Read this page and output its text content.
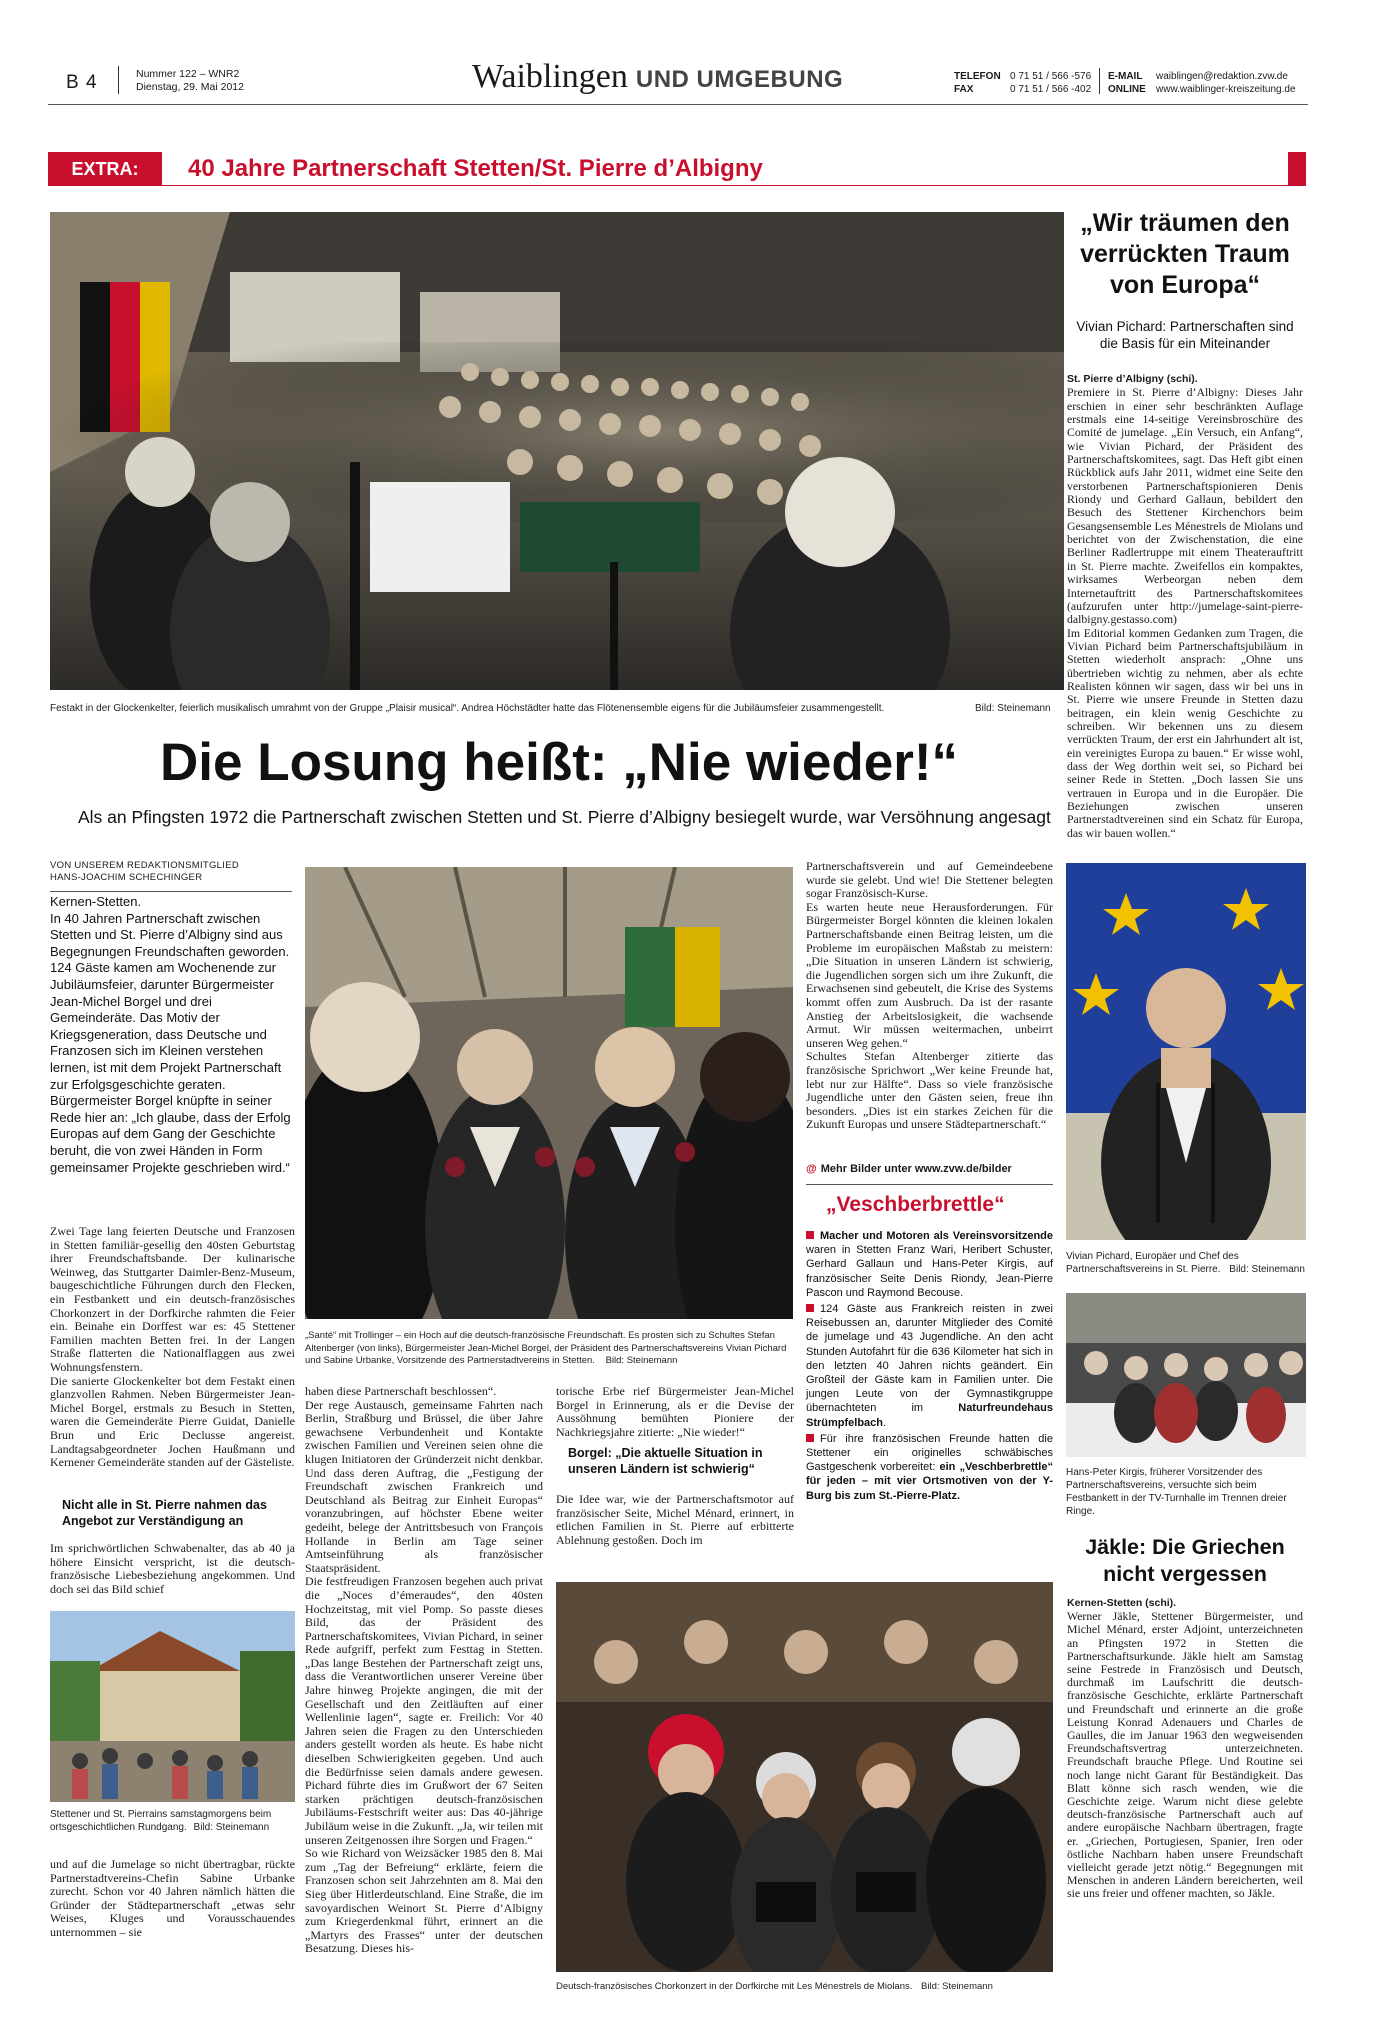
B 4	Nummer 122 – WNR2
Dienstag, 29. Mai 2012	Waiblingen UND UMGEBUNG	TELEFON 0 71 51 / 566 -576
FAX	0 71 51 / 566 -402
E-MAIL	waiblingen@redaktion.zvw.de
ONLINE	www.waiblinger-kreiszeitung.de
EXTRA:	40 Jahre Partnerschaft Stetten/St. Pierre d’Albigny
Festakt in der Glockenkelter, feierlich musikalisch umrahmt von der Gruppe „Plaisir musical“. Andrea Höchstädter hatte das Flötenensemble eigens für die Jubiläumsfeier zusammengestellt.	Bild: Steinemann
Die Losung heißt: „Nie wieder!“
Als an Pfingsten 1972 die Partnerschaft zwischen Stetten und St. Pierre d’Albigny besiegelt wurde, war Versöhnung angesagt
VON UNSEREM REDAKTIONSMITGLIED
HANS-JOACHIM SCHECHINGER
Kernen-Stetten.
In 40 Jahren Partnerschaft zwischen Stetten und St. Pierre d’Albigny sind aus Begegnungen Freundschaften geworden. 124 Gäste kamen am Wochenende zur Jubiläumsfeier, darunter Bürgermeister Jean-Michel Borgel und drei Gemeinderäte. Das Motiv der Kriegsgeneration, dass Deutsche und Franzosen sich im Kleinen verstehen lernen, ist mit dem Projekt Partnerschaft zur Erfolgsgeschichte geraten. Bürgermeister Borgel knüpfte in seiner Rede hier an: „Ich glaube, dass der Erfolg Europas auf dem Gang der Geschichte beruht, die von zwei Händen in Form gemeinsamer Projekte geschrieben wird.“
Zwei Tage lang feierten Deutsche und Franzosen in Stetten familiär-gesellig den 40sten Geburtstag ihrer Freundschaftsbande. Der kulinarische Weinweg, das Stuttgarter Daimler-Benz-Museum, baugeschichtliche Führungen durch den Flecken, ein Festbankett und ein deutsch-französisches Chorkonzert in der Dorfkirche rahmten die Feier ein. Beinahe ein Dorffest war es: 45 Stettener Familien machten Betten frei. In der Langen Straße flatterten die Nationalflaggen aus zwei Wohnungsfenstern.
Die sanierte Glockenkelter bot dem Festakt einen glanzvollen Rahmen. Neben Bürgermeister Jean-Michel Borgel, erstmals zu Besuch in Stetten, waren die Gemeinderäte Pierre Guidat, Danielle Brun und Eric Declusse angereist. Landtagsabgeordneter Jochen Haußmann und Kernener Gemeinderäte standen auf der Gästeliste.
Nicht alle in St. Pierre nahmen das Angebot zur Verständigung an
Im sprichwörtlichen Schwabenalter, das ab 40 ja höhere Einsicht verspricht, ist die deutsch-französische Liebesbeziehung angekommen. Und doch sei das Bild schief
Stettener und St. Pierrains samstagmorgens beim ortsgeschichtlichen Rundgang. Bild: Steinemann
und auf die Jumelage so nicht übertragbar, rückte Partnerstadtvereins-Chefin Sabine Urbanke zurecht. Schon vor 40 Jahren nämlich hätten die Gründer der Städtepartnerschaft „etwas sehr Weises, Kluges und Vorausschauendes unternommen – sie
„Santé“ mit Trollinger – ein Hoch auf die deutsch-französische Freundschaft. Es prosten sich zu Schultes Stefan Altenberger (von links), Bürgermeister Jean-Michel Borgel, der Präsident des Partnerschaftsvereins Vivian Pichard und Sabine Urbanke, Vorsitzende des Partnerstadtvereins in Stetten. Bild: Steinemann
haben diese Partnerschaft beschlossen“.
Der rege Austausch, gemeinsame Fahrten nach Berlin, Straßburg und Brüssel, die über Jahre gewachsene Verbundenheit und Kontakte zwischen Familien und Vereinen seien ohne die klugen Initiatoren der Gründerzeit nicht denkbar. Und dass deren Auftrag, die „Festigung der Freundschaft zwischen Frankreich und Deutschland als Beitrag zur Einheit Europas“ voranzubringen, auf höchster Ebene weiter gedeiht, belege der Antrittsbesuch von François Hollande in Berlin am Tage seiner Amtseinführung als französischer Staatspräsident.
Die festfreudigen Franzosen begehen auch privat die „Noces d’émeraudes“, den 40sten Hochzeitstag, mit viel Pomp. So passte dieses Bild, das der Präsident des Partnerschaftskomitees, Vivian Pichard, in seiner Rede aufgriff, perfekt zum Festtag in Stetten. „Das lange Bestehen der Partnerschaft zeigt uns, dass die Verantwortlichen unserer Vereine über Jahre hinweg Projekte angingen, die mit der Gesellschaft und den Zeitläuften auf einer Wellenlinie lagen“, sagte er. Freilich: Vor 40 Jahren seien die Fragen zu den Unterschieden anders gestellt worden als heute. Es habe nicht dieselben Schwierigkeiten gegeben. Und auch die Bedürfnisse seien damals andere gewesen. Pichard führte dies im Grußwort der 67 Seiten starken prächtigen deutsch-französischen Jubiläums-Festschrift weiter aus: Das 40-jährige Jubiläum weise in die Zukunft. „Ja, wir teilen mit unseren Zeitgenossen ihre Sorgen und Fragen.“
So wie Richard von Weizsäcker 1985 den 8. Mai zum „Tag der Befreiung“ erklärte, feiern die Franzosen schon seit Jahrzehnten am 8. Mai den Sieg über Hitlerdeutschland. Eine Straße, die im savoyardischen Weinort St. Pierre d’Albigny zum Kriegerdenkmal führt, erinnert an die „Martyrs des Frasses“ unter der deutschen Besatzung. Dieses his-
torische Erbe rief Bürgermeister Jean-Michel Borgel in Erinnerung, als er die Devise der Aussöhnung bemühten Pioniere der Nachkriegsjahre zitierte: „Nie wieder!“
Borgel: „Die aktuelle Situation in unseren Ländern ist schwierig“
Die Idee war, wie der Partnerschaftsmotor auf französischer Seite, Michel Ménard, erinnert, in etlichen Familien in St. Pierre auf erbitterte Ablehnung gestoßen. Doch im
Deutsch-französisches Chorkonzert in der Dorfkirche mit Les Ménestrels de Miolans. Bild: Steinemann
Partnerschaftsverein und auf Gemeindeebene wurde sie gelebt. Und wie! Die Stettener belegten sogar Französisch-Kurse.
Es warten heute neue Herausforderungen. Für Bürgermeister Borgel könnten die kleinen lokalen Partnerschaftsbande einen Beitrag leisten, um die Probleme im europäischen Maßstab zu meistern: „Die Situation in unseren Ländern ist schwierig, die Jugendlichen sorgen sich um ihre Zukunft, die Erwachsenen sind gebeutelt, die Krise des Systems kommt offen zum Ausbruch. Da ist der rasante Anstieg der Arbeitslosigkeit, die wachsende Armut. Wir müssen weitermachen, unbeirrt unseren Weg gehen.“
Schultes Stefan Altenberger zitierte das französische Sprichwort „Wer keine Freunde hat, lebt nur zur Hälfte“. Dass so viele französische Jugendliche unter den Gästen seien, freue ihn besonders. „Dies ist ein starkes Zeichen für die Zukunft Europas und unsere Städtepartnerschaft.“
@ Mehr Bilder unter www.zvw.de/bilder
„Veschberbrettle“
Macher und Motoren als Vereinsvorsitzende waren in Stetten Franz Wari, Heribert Schuster, Gerhard Gallaun und Hans-Peter Kirgis, auf französischer Seite Denis Riondy, Jean-Pierre Pascon und Raymond Becouse.
124 Gäste aus Frankreich reisten in zwei Reisebussen an, darunter Mitglieder des Comité de jumelage und 43 Jugendliche. An den acht Stunden Autofahrt für die 636 Kilometer hat sich in den letzten 40 Jahren nichts geändert. Ein Großteil der Gäste kam in Familien unter. Die jungen Leute von der Gymnastikgruppe übernachteten im Naturfreundehaus Strümpfelbach.
Für ihre französischen Freunde hatten die Stettener ein originelles schwäbisches Gastgeschenk vorbereitet: ein „Veschberbrettle“ für jeden – mit vier Ortsmotiven von der Y-Burg bis zum St.-Pierre-Platz.
„Wir träumen den verrückten Traum von Europa“
Vivian Pichard: Partnerschaften sind die Basis für ein Miteinander
St. Pierre d’Albigny (schi).
Premiere in St. Pierre d’Albigny: Dieses Jahr erschien in einer sehr beschränkten Auflage erstmals eine 14-seitige Vereinsbroschüre des Comité de jumelage. „Ein Versuch, ein Anfang“, wie Vivian Pichard, der Präsident des Partnerschaftskomitees, sagt. Das Heft gibt einen Rückblick aufs Jahr 2011, widmet eine Seite den verstorbenen Partnerschaftspionieren Denis Riondy und Gerhard Gallaun, bebildert den Besuch des Stettener Kirchenchors beim Gesangsensemble Les Ménestrels de Miolans und berichtet von der Zwischenstation, die eine Berliner Radlertruppe mit einem Theaterauftritt in St. Pierre machte. Zweifellos ein kompaktes, wirksames Werbeorgan neben dem Internetauftritt des Partnerschaftskomitees (aufzurufen unter http://jumelage-saint-pierre-dalbigny.gestasso.com)
Im Editorial kommen Gedanken zum Tragen, die Vivian Pichard beim Partnerschaftsjubiläum in Stetten wiederholt ansprach: „Ohne uns übertrieben wichtig zu nehmen, aber als echte Realisten können wir sagen, dass wir bei uns in St. Pierre wie unsere Freunde in Stetten dazu beitragen, ein klein wenig Geschichte zu schreiben. Wir bekennen uns zu diesem verrückten Traum, der erst ein Jahrhundert alt ist, ein vereinigtes Europa zu bauen.“ Er wisse wohl, dass der Weg dorthin weit sei, so Pichard bei seiner Rede in Stetten. „Doch lassen Sie uns vertrauen in Europa und in die Europäer. Die Beziehungen zwischen unseren Partnerstadtvereinen sind ein Schatz für Europa, das wir bauen wollen.“
Vivian Pichard, Europäer und Chef des Partnerschaftsvereins in St. Pierre. Bild: Steinemann
Hans-Peter Kirgis, früherer Vorsitzender des Partnerschaftsvereins, versuchte sich beim Festbankett in der TV-Turnhalle im Trennen dreier Ringe.
Jäkle: Die Griechen nicht vergessen
Kernen-Stetten (schi).
Werner Jäkle, Stettener Bürgermeister, und Michel Ménard, erster Adjoint, unterzeichneten an Pfingsten 1972 in Stetten die Partnerschaftsurkunde. Jäkle hielt am Samstag seine Festrede in Französisch und Deutsch, durchmaß im Laufschritt die deutsch-französische Geschichte, erklärte Partnerschaft und Freundschaft und erinnerte an die große Leistung Konrad Adenauers und Charles de Gaulles, die im Januar 1963 den wegweisenden Freundschaftsvertrag unterzeichneten. Freundschaft brauche Pflege. Und Routine sei noch lange nicht Garant für Beständigkeit. Das Blatt könne sich rasch wenden, wie die Geschichte zeige. Warum nicht diese gelebte deutsch-französische Partnerschaft auch auf andere europäische Nachbarn übertragen, fragte er. „Griechen, Portugiesen, Spanier, Iren oder östliche Nachbarn haben unsere Freundschaft vielleicht gerade jetzt nötig.“ Begegnungen mit Menschen in anderen Ländern bereicherten, weil sie uns freier und offener machten, so Jäkle.
